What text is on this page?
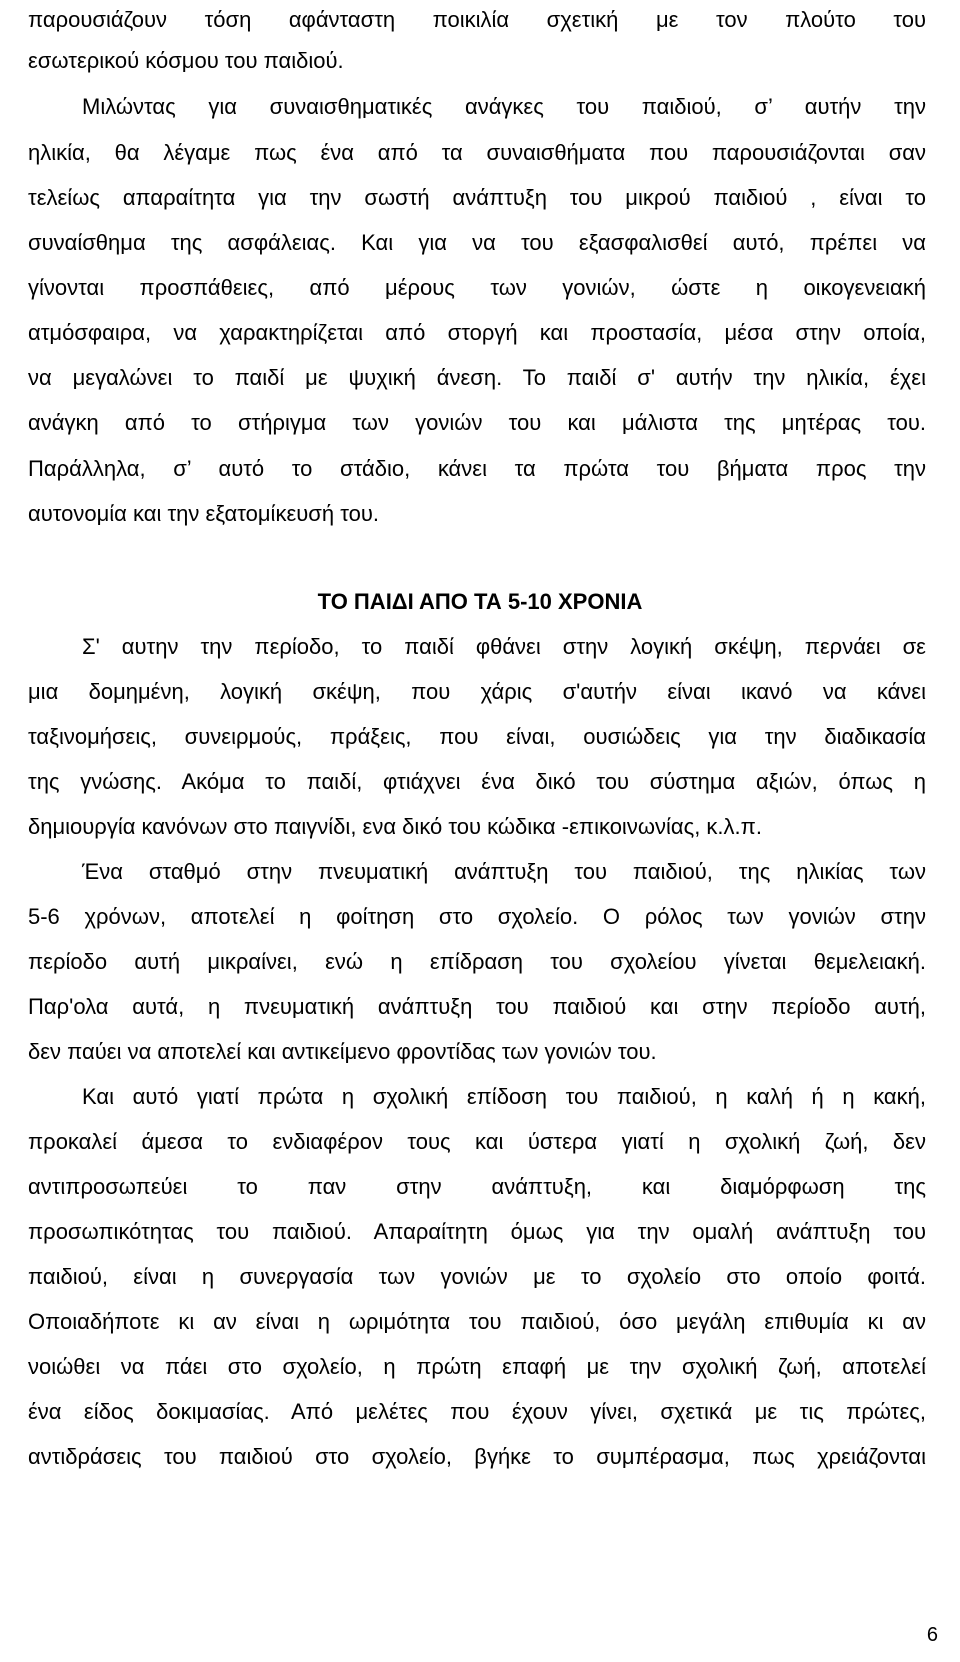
παρουσιάζουν τόση αφάνταστη ποικιλία σχετική με τον πλούτο του
εσωτερικού κόσμου του παιδιού.
Μιλώντας για συναισθηματικές ανάγκες του παιδιού, σ’ αυτήν την
ηλικία, θα λέγαμε πως ένα από τα συναισθήματα που παρουσιάζονται σαν
τελείως απαραίτητα για την σωστή ανάπτυξη του μικρού παιδιού , είναι το
συναίσθημα της ασφάλειας. Και για να του εξασφαλισθεί αυτό, πρέπει να
γίνονται προσπάθειες, από μέρους των γονιών, ώστε η οικογενειακή
ατμόσφαιρα, να χαρακτηρίζεται από στοργή και προστασία, μέσα στην οποία,
να μεγαλώνει το παιδί με ψυχική άνεση. Το παιδί σ' αυτήν την ηλικία, έχει
ανάγκη από το στήριγμα των γονιών του και μάλιστα της μητέρας του.
Παράλληλα, σ’ αυτό το στάδιο, κάνει τα πρώτα του βήματα προς την
αυτονομία και την εξατομίκευσή του.
ΤΟ ΠΑΙΔΙ ΑΠΟ ΤΑ 5-10 ΧΡΟΝΙΑ
Σ' αυτην την περίοδο, το παιδί φθάνει στην λογική σκέψη, περνάει σε
μια δομημένη, λογική σκέψη, που χάρις σ'αυτήν είναι ικανό να κάνει
ταξινομήσεις, συνειρμούς, πράξεις, που είναι, ουσιώδεις για την διαδικασία
της γνώσης. Ακόμα το παιδί, φτιάχνει ένα δικό του σύστημα αξιών, όπως η
δημιουργία κανόνων στο παιγνίδι, ενα δικό του κώδικα -επικοινωνίας, κ.λ.π.
Ένα σταθμό στην πνευματική ανάπτυξη του παιδιού, της ηλικίας των
5-6 χρόνων, αποτελεί η φοίτηση στο σχολείο. Ο ρόλος των γονιών στην
περίοδο αυτή μικραίνει, ενώ η επίδραση του σχολείου γίνεται θεμελειακή.
Παρ'ολα αυτά, η πνευματική ανάπτυξη του παιδιού και στην περίοδο αυτή,
δεν παύει να αποτελεί και αντικείμενο φροντίδας των γονιών του.
Και αυτό γιατί πρώτα η σχολική επίδοση του παιδιού, η καλή ή η κακή,
προκαλεί άμεσα το ενδιαφέρον τους και ύστερα γιατί η σχολική ζωή, δεν
αντιπροσωπεύει το παν στην ανάπτυξη, και διαμόρφωση της
προσωπικότητας του παιδιού. Απαραίτητη όμως για την ομαλή ανάπτυξη του
παιδιού, είναι η συνεργασία των γονιών με το σχολείο στο οποίο φοιτά.
Οποιαδήποτε κι αν είναι η ωριμότητα του παιδιού, όσο μεγάλη επιθυμία κι αν
νοιώθει να πάει στο σχολείο, η πρώτη επαφή με την σχολική ζωή, αποτελεί
ένα είδος δοκιμασίας. Από μελέτες που έχουν γίνει, σχετικά με τις πρώτες,
αντιδράσεις του παιδιού στο σχολείο, βγήκε το συμπέρασμα, πως χρειάζονται
6
